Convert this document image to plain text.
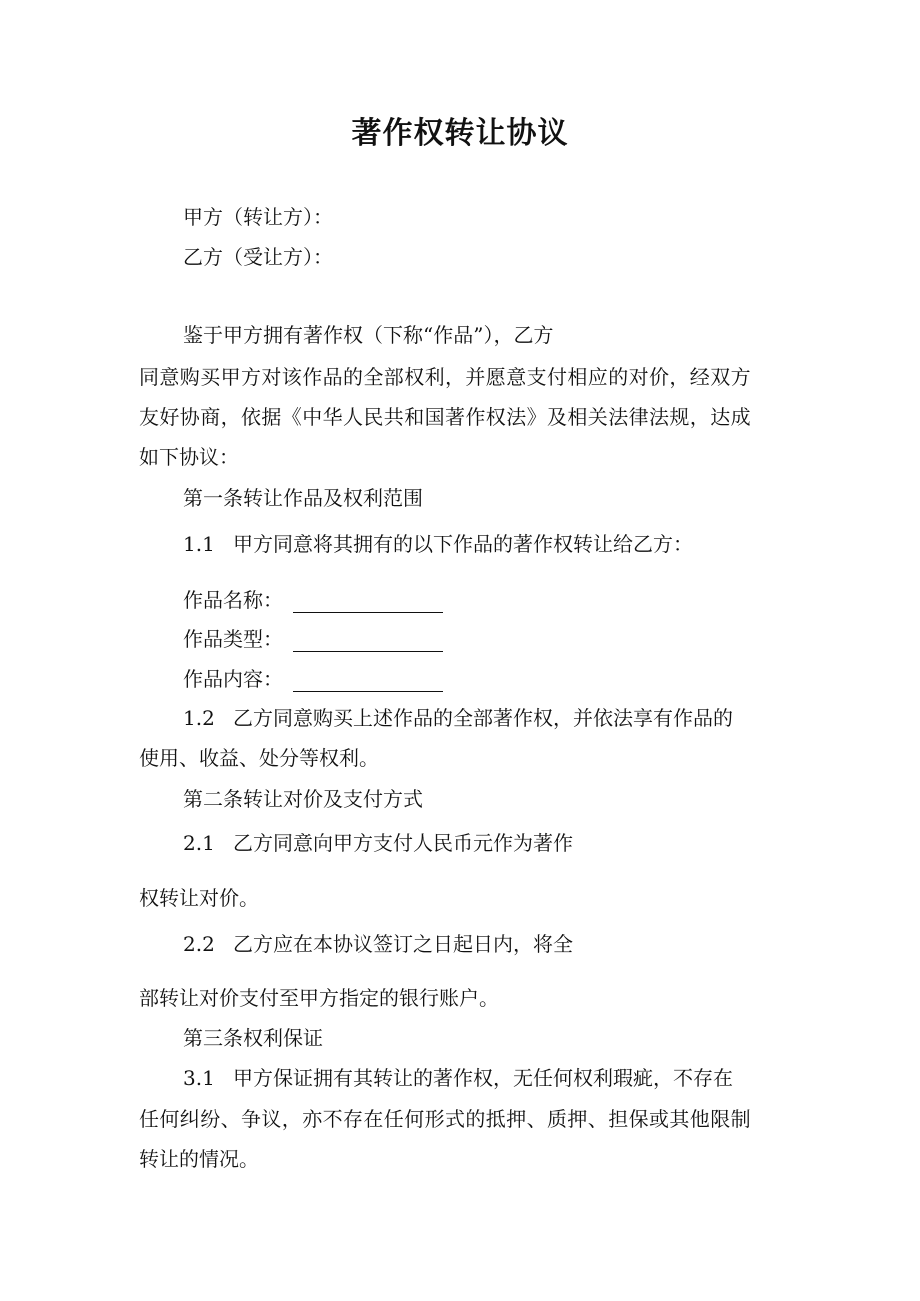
著作权转让协议
甲方（转让方）：
乙方（受让方）：
鉴于甲方拥有著作权（下称“作品”），乙方
同意购买甲方对该作品的全部权利，并愿意支付相应的对价，经双方
友好协商，依据《中华人民共和国著作权法》及相关法律法规，达成
如下协议：
第一条转让作品及权利范围
1.1 甲方同意将其拥有的以下作品的著作权转让给乙方：
作品名称：
作品类型：
作品内容：
1.2 乙方同意购买上述作品的全部著作权，并依法享有作品的
使用、收益、处分等权利。
第二条转让对价及支付方式
2.1 乙方同意向甲方支付人民币元作为著作
权转让对价。
2.2 乙方应在本协议签订之日起日内，将全
部转让对价支付至甲方指定的银行账户。
第三条权利保证
3.1 甲方保证拥有其转让的著作权，无任何权利瑕疵，不存在
任何纠纷、争议，亦不存在任何形式的抵押、质押、担保或其他限制
转让的情况。
